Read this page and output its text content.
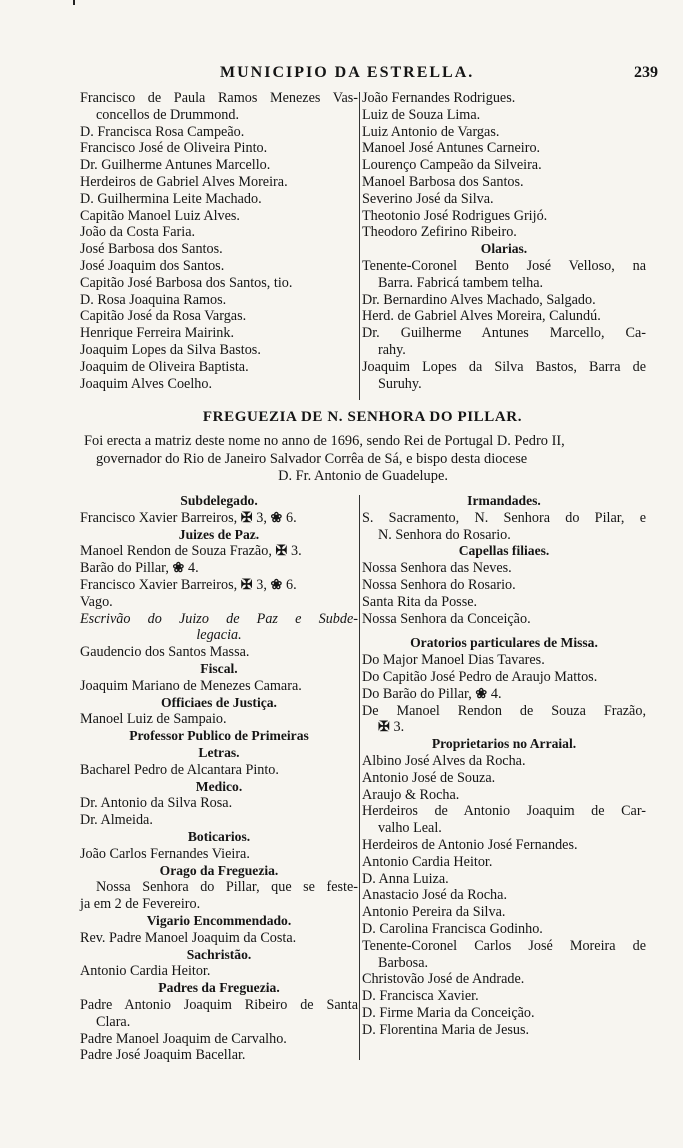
MUNICIPIO DA ESTRELLA.	239
Francisco de Paula Ramos Menezes Vas-
concellos de Drummond.
D. Francisca Rosa Campeão.
Francisco José de Oliveira Pinto.
Dr. Guilherme Antunes Marcello.
Herdeiros de Gabriel Alves Moreira.
D. Guilhermina Leite Machado.
Capitão Manoel Luiz Alves.
João da Costa Faria.
José Barbosa dos Santos.
José Joaquim dos Santos.
Capitão José Barbosa dos Santos, tio.
D. Rosa Joaquina Ramos.
Capitão José da Rosa Vargas.
Henrique Ferreira Mairink.
Joaquim Lopes da Silva Bastos.
Joaquim de Oliveira Baptista.
Joaquim Alves Coelho.
João Fernandes Rodrigues.
Luiz de Souza Lima.
Luiz Antonio de Vargas.
Manoel José Antunes Carneiro.
Lourenço Campeão da Silveira.
Manoel Barbosa dos Santos.
Severino José da Silva.
Theotonio José Rodrigues Grijó.
Theodoro Zefirino Ribeiro.
Olarias.
Tenente-Coronel Bento José Velloso, na
Barra. Fabricá tambem telha.
Dr. Bernardino Alves Machado, Salgado.
Herd. de Gabriel Alves Moreira, Calundú.
Dr. Guilherme Antunes Marcello, Ca-
rahy.
Joaquim Lopes da Silva Bastos, Barra de
Suruhy.
FREGUEZIA DE N. SENHORA DO PILLAR.
Foi erecta a matriz deste nome no anno de 1696, sendo Rei de Portugal D. Pedro II,
governador do Rio de Janeiro Salvador Corrêa de Sá, e bispo desta diocese
D. Fr. Antonio de Guadelupe.
Subdelegado.
Francisco Xavier Barreiros, ✠ 3, ❀ 6.
Juizes de Paz.
Manoel Rendon de Souza Frazão, ✠ 3.
Barão do Pillar, ❀ 4.
Francisco Xavier Barreiros, ✠ 3, ❀ 6.
Vago.
Escrivão do Juizo de Paz e Subde-
legacia.
Gaudencio dos Santos Massa.
Fiscal.
Joaquim Mariano de Menezes Camara.
Officiaes de Justiça.
Manoel Luiz de Sampaio.
Professor Publico de Primeiras
Letras.
Bacharel Pedro de Alcantara Pinto.
Medico.
Dr. Antonio da Silva Rosa.
Dr. Almeida.
Boticarios.
João Carlos Fernandes Vieira.
Orago da Freguezia.
Nossa Senhora do Pillar, que se feste-
ja em 2 de Fevereiro.
Vigario Encommendado.
Rev. Padre Manoel Joaquim da Costa.
Sachristão.
Antonio Cardia Heitor.
Padres da Freguezia.
Padre Antonio Joaquim Ribeiro de Santa
Clara.
Padre Manoel Joaquim de Carvalho.
Padre José Joaquim Bacellar.
Irmandades.
S. Sacramento, N. Senhora do Pilar, e
N. Senhora do Rosario.
Capellas filiaes.
Nossa Senhora das Neves.
Nossa Senhora do Rosario.
Santa Rita da Posse.
Nossa Senhora da Conceição.
Oratorios particulares de Missa.
Do Major Manoel Dias Tavares.
Do Capitão José Pedro de Araujo Mattos.
Do Barão do Pillar, ❀ 4.
De Manoel Rendon de Souza Frazão,
✠ 3.
Proprietarios no Arraial.
Albino José Alves da Rocha.
Antonio José de Souza.
Araujo & Rocha.
Herdeiros de Antonio Joaquim de Car-
valho Leal.
Herdeiros de Antonio José Fernandes.
Antonio Cardia Heitor.
D. Anna Luiza.
Anastacio José da Rocha.
Antonio Pereira da Silva.
D. Carolina Francisca Godinho.
Tenente-Coronel Carlos José Moreira de
Barbosa.
Christovão José de Andrade.
D. Francisca Xavier.
D. Firme Maria da Conceição.
D. Florentina Maria de Jesus.
